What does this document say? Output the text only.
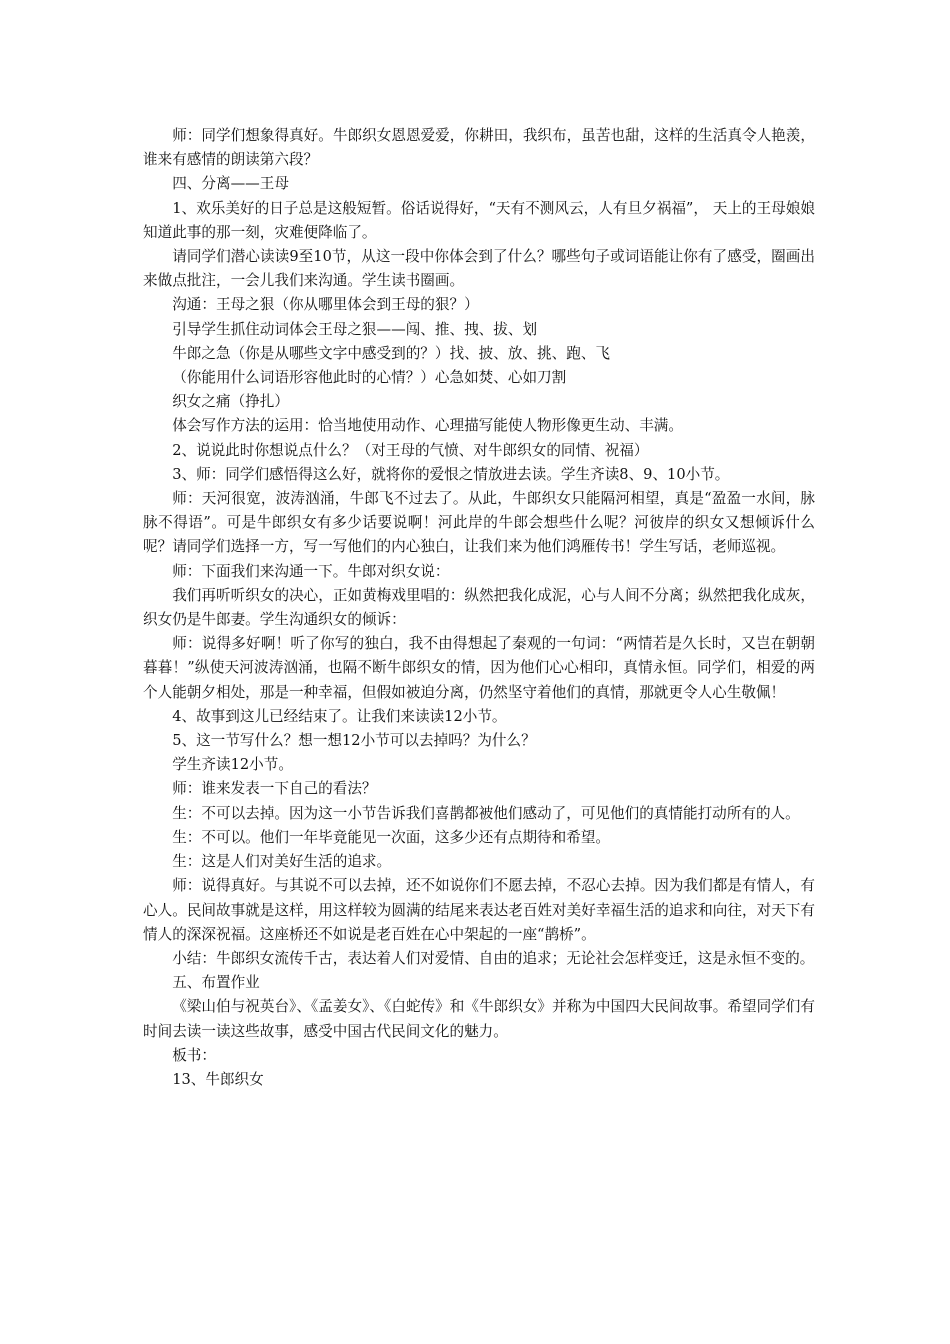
师：同学们想象得真好。牛郎织女恩恩爱爱，你耕田，我织布，虽苦也甜，这样的生活真令人艳羡，谁来有感情的朗读第六段？

四、分离——王母

1、欢乐美好的日子总是这般短暂。俗话说得好，“天有不测风云，人有旦夕祸福”， 天上的王母娘娘知道此事的那一刻，灾难便降临了。

请同学们潜心读读9至10节，从这一段中你体会到了什么？哪些句子或词语能让你有了感受，圈画出来做点批注，一会儿我们来沟通。学生读书圈画。

沟通：王母之狠（你从哪里体会到王母的狠？）

引导学生抓住动词体会王母之狠——闯、推、拽、拔、划

牛郎之急（你是从哪些文字中感受到的？）找、披、放、挑、跑、飞

（你能用什么词语形容他此时的心情？）心急如焚、心如刀割

织女之痛（挣扎）

体会写作方法的运用：恰当地使用动作、心理描写能使人物形像更生动、丰满。

2、说说此时你想说点什么？（对王母的气愤、对牛郎织女的同情、祝福）

3、师：同学们感悟得这么好，就将你的爱恨之情放进去读。学生齐读8、9、10小节。

师：天河很宽，波涛汹涌，牛郎飞不过去了。从此，牛郎织女只能隔河相望，真是“盈盈一水间，脉脉不得语”。可是牛郎织女有多少话要说啊！河此岸的牛郎会想些什么呢？河彼岸的织女又想倾诉什么呢？请同学们选择一方，写一写他们的内心独白，让我们来为他们鸿雁传书！学生写话，老师巡视。

师：下面我们来沟通一下。牛郎对织女说：

我们再听听织女的决心，正如黄梅戏里唱的：纵然把我化成泥，心与人间不分离；纵然把我化成灰，织女仍是牛郎妻。学生沟通织女的倾诉：

师：说得多好啊！听了你写的独白，我不由得想起了秦观的一句词：“两情若是久长时，又岂在朝朝暮暮！”纵使天河波涛汹涌，也隔不断牛郎织女的情，因为他们心心相印，真情永恒。同学们，相爱的两个人能朝夕相处，那是一种幸福，但假如被迫分离，仍然坚守着他们的真情，那就更令人心生敬佩！

4、故事到这儿已经结束了。让我们来读读12小节。

5、这一节写什么？想一想12小节可以去掉吗？为什么？

学生齐读12小节。

师：谁来发表一下自己的看法？

生：不可以去掉。因为这一小节告诉我们喜鹊都被他们感动了，可见他们的真情能打动所有的人。

生：不可以。他们一年毕竟能见一次面，这多少还有点期待和希望。

生：这是人们对美好生活的追求。

师：说得真好。与其说不可以去掉，还不如说你们不愿去掉，不忍心去掉。因为我们都是有情人，有心人。民间故事就是这样，用这样较为圆满的结尾来表达老百姓对美好幸福生活的追求和向往，对天下有情人的深深祝福。这座桥还不如说是老百姓在心中架起的一座“鹊桥”。

小结：牛郎织女流传千古，表达着人们对爱情、自由的追求；无论社会怎样变迁，这是永恒不变的。

五、布置作业

《梁山伯与祝英台》、《孟姜女》、《白蛇传》和《牛郎织女》并称为中国四大民间故事。希望同学们有时间去读一读这些故事，感受中国古代民间文化的魅力。

板书：

13、牛郎织女
